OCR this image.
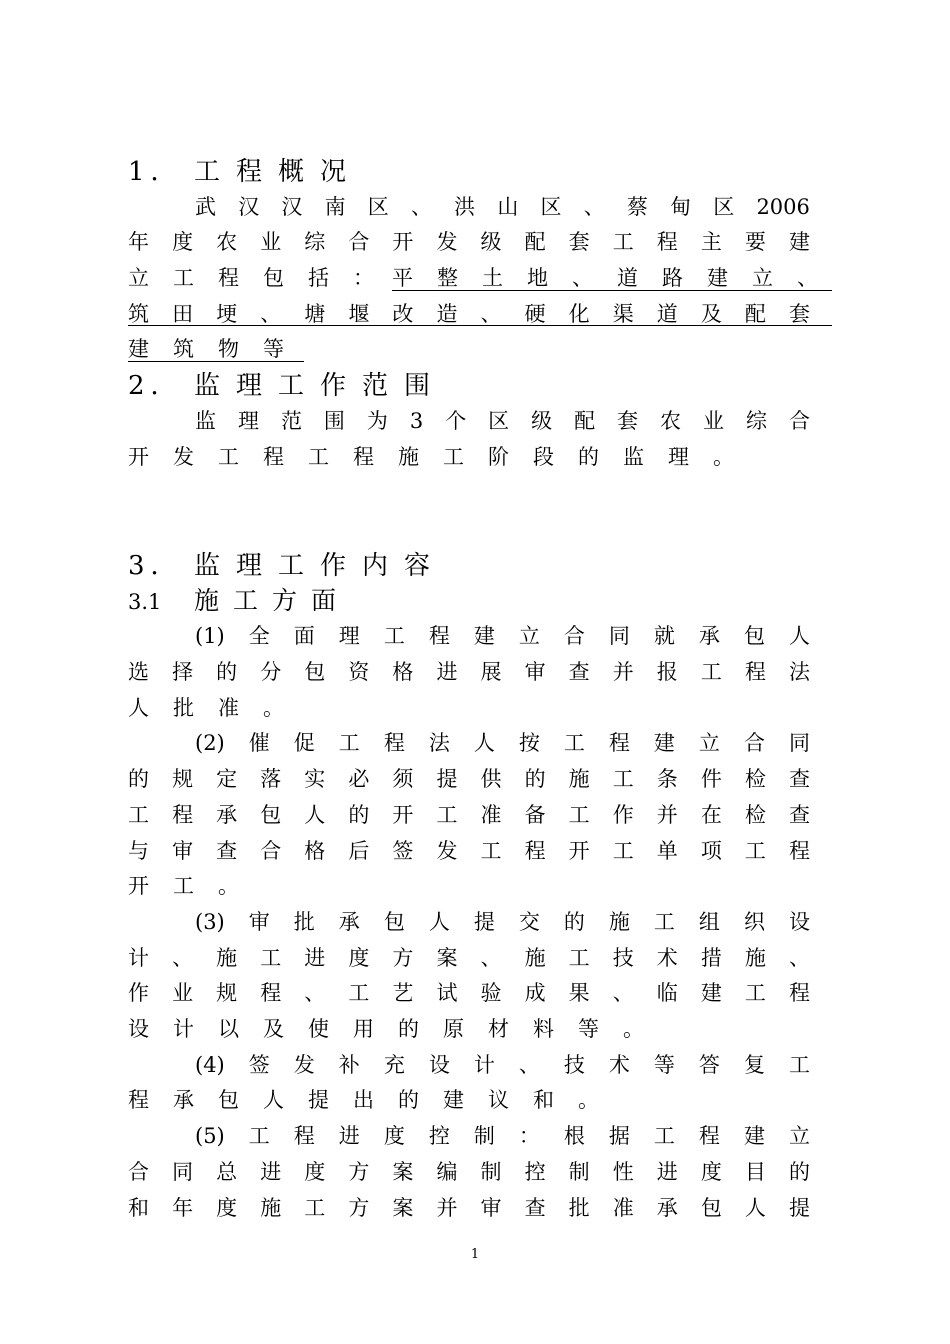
1． 工程概况
武 汉 汉 南 区 、 洪 山 区 、 蔡 甸 区 2006
年 度 农 业 综 合 开 发 级 配 套 工 程 主 要 建
立工程包括：
平整土地、道路建立、
筑 田 埂 、 塘 堰 改 造 、 硬 化 渠 道 及 配 套
建筑物等
2． 监理工作范围
监 理 范 围 为 3 个 区 级 配 套 农 业 综 合
开发工程工程施工阶段的监理。
3． 监理工作内容
3.1 施工方面
(1) 全 面 理 工 程 建 立 合 同 就 承 包 人
选 择 的 分 包 资 格 进 展 审 查 并 报 工 程 法
人批准。
(2) 催 促 工 程 法 人 按 工 程 建 立 合 同
的 规 定 落 实 必 须 提 供 的 施 工 条 件 检 查
工 程 承 包 人 的 开 工 准 备 工 作 并 在 检 查
与 审 查 合 格 后 签 发 工 程 开 工 单 项 工 程
开工。
(3) 审 批 承 包 人 提 交 的 施 工 组 织 设
计 、 施 工 进 度 方 案 、 施 工 技 术 措 施 、
作 业 规 程 、 工 艺 试 验 成 果 、 临 建 工 程
设计以及使用的原材料等。
(4) 签 发 补 充 设 计 、 技 术 等 答 复 工
程承包人提出的建议和。
(5) 工 程 进 度 控 制 ： 根 据 工 程 建 立
合 同 总 进 度 方 案 编 制 控 制 性 进 度 目 的
和 年 度 施 工 方 案 并 审 查 批 准 承 包 人 提
1
